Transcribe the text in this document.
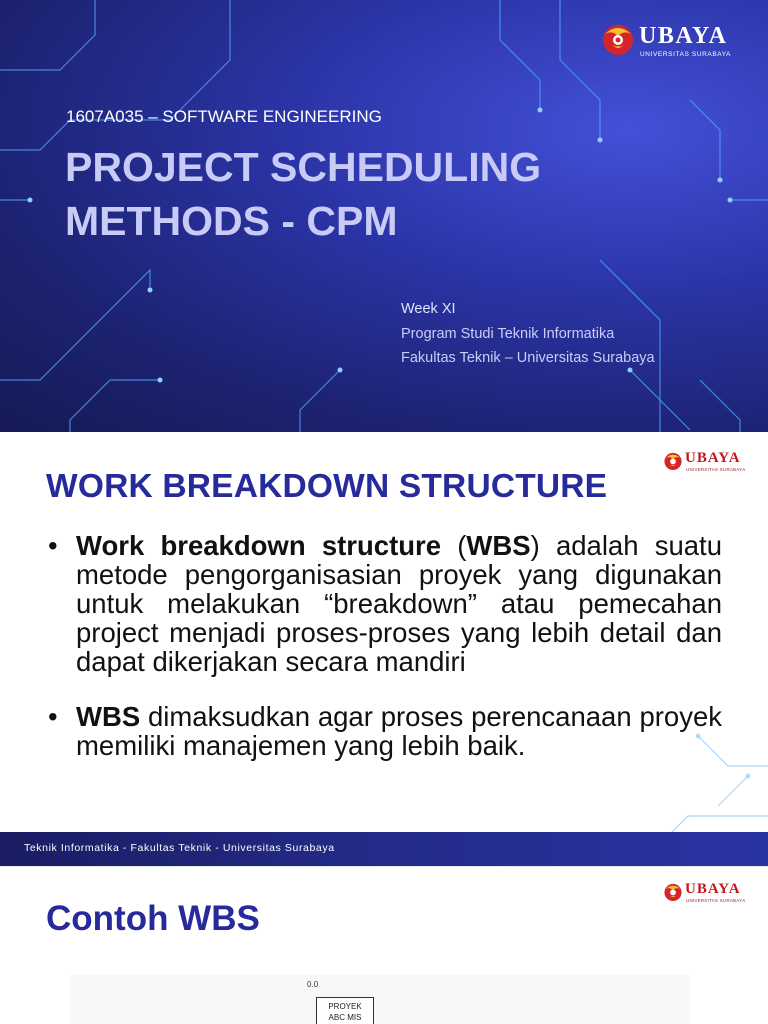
UBAYA
UNIVERSITAS SURABAYA
1607A035 – SOFTWARE ENGINEERING
PROJECT SCHEDULING
METHODS - CPM
Week XI
Program Studi Teknik Informatika
Fakultas Teknik – Universitas Surabaya
UBAYA
UNIVERSITAS SURABAYA
WORK BREAKDOWN STRUCTURE
• Work breakdown structure (WBS) adalah suatu metode pengorganisasian proyek yang digunakan untuk melakukan “breakdown” atau pemecahan project menjadi proses-proses yang lebih detail dan dapat dikerjakan secara mandiri
• WBS dimaksudkan agar proses perencanaan proyek memiliki manajemen yang lebih baik.
Teknik Informatika - Fakultas Teknik - Universitas Surabaya
UBAYA
UNIVERSITAS SURABAYA
Contoh WBS
0.0
PROYEK
ABC MIS
